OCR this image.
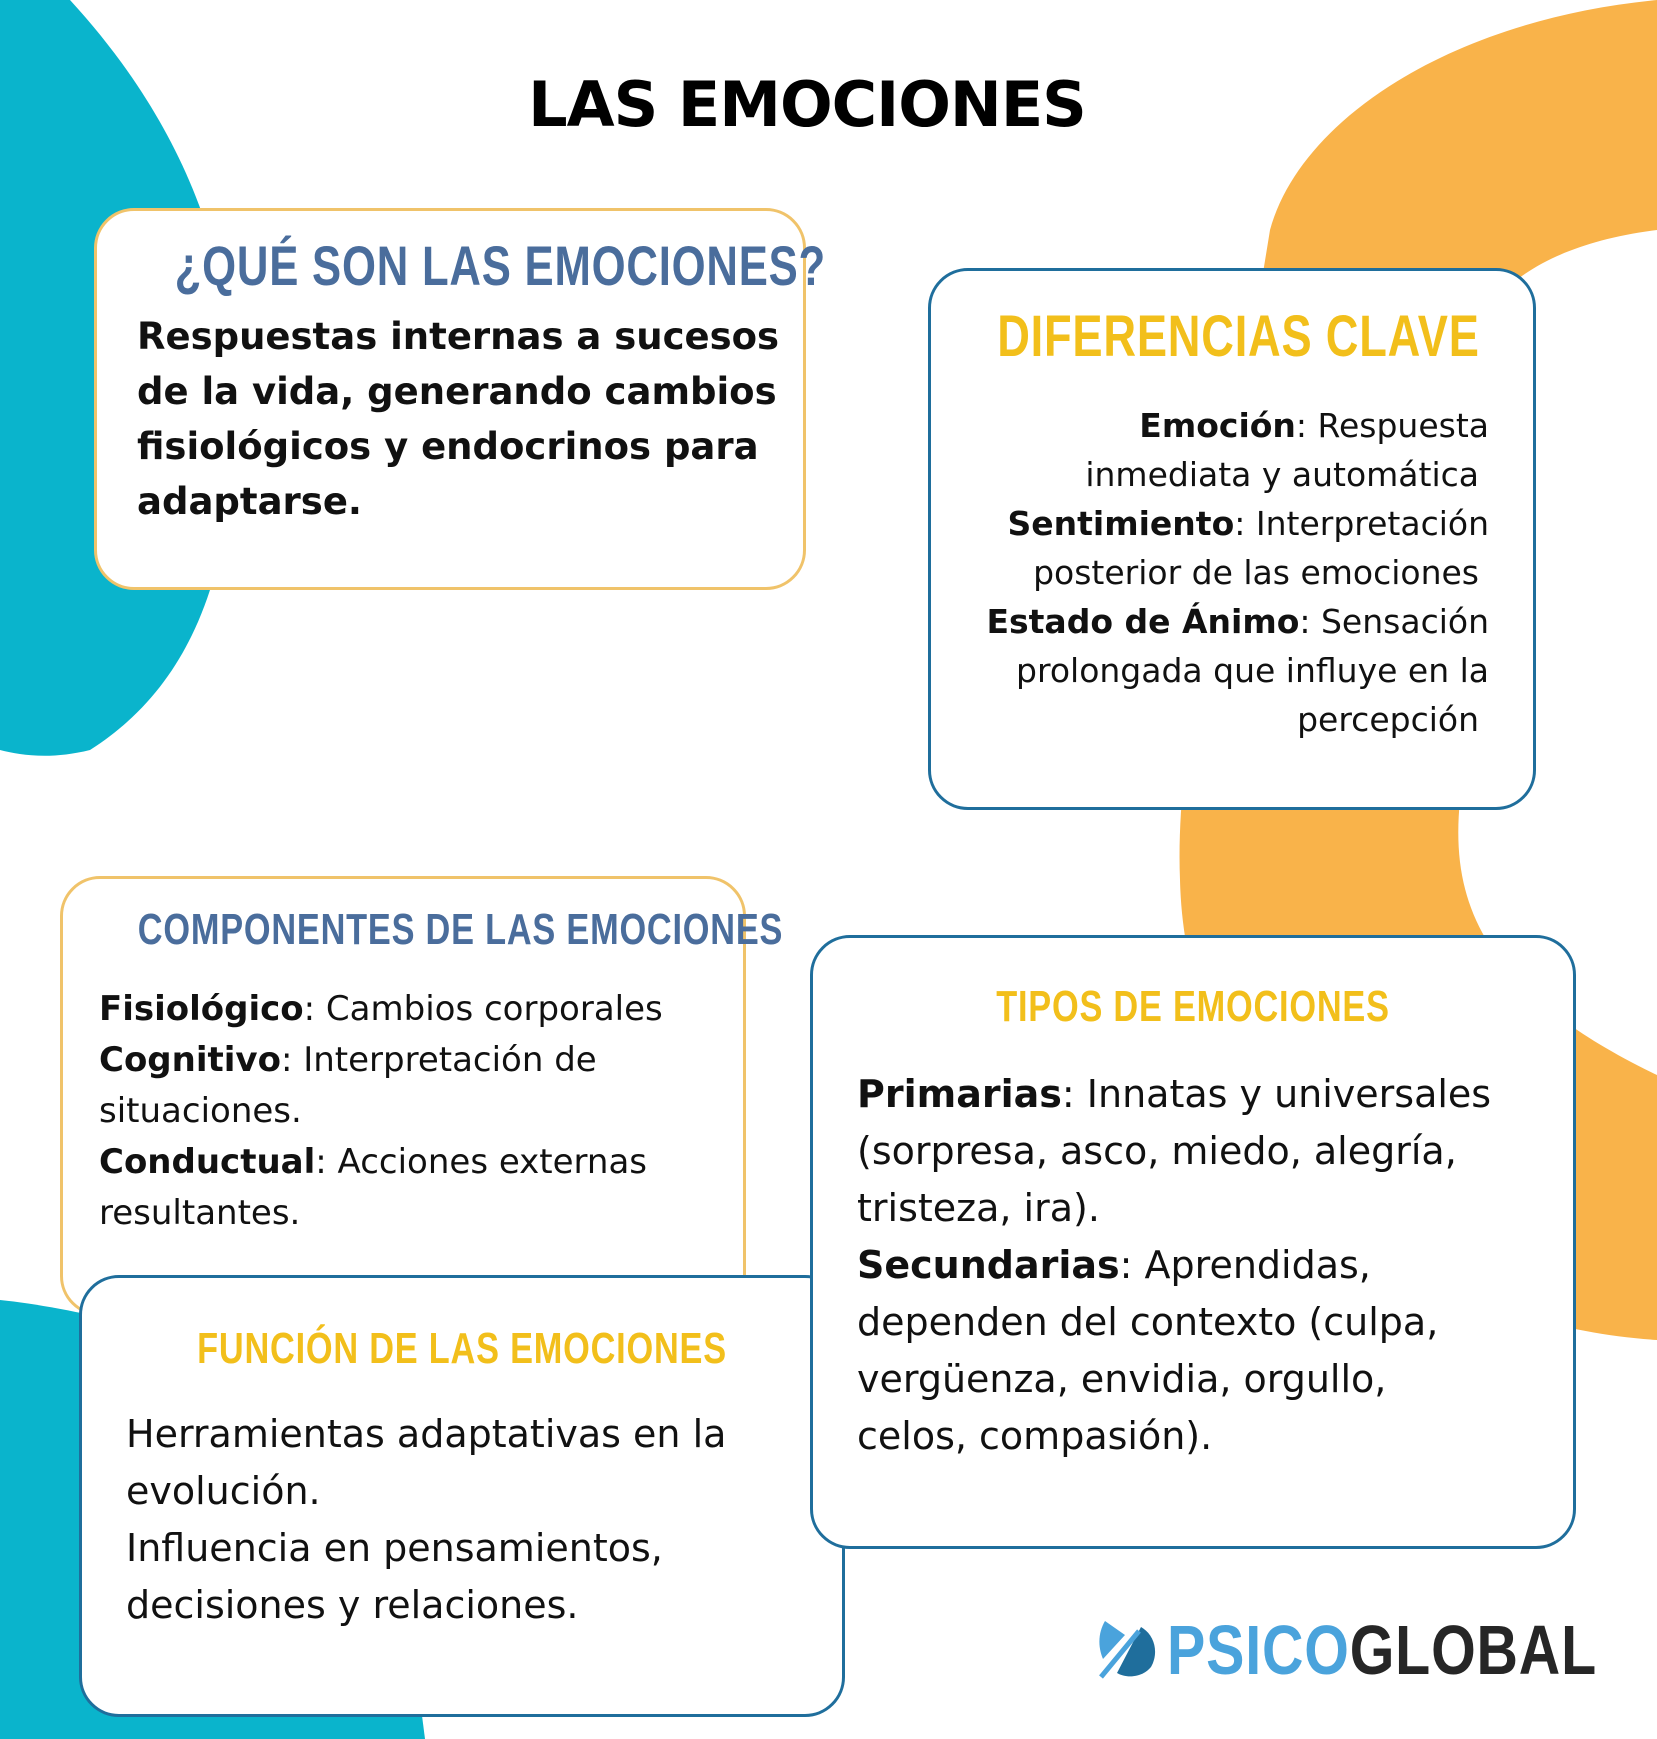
LAS EMOCIONES
¿QUÉ SON LAS EMOCIONES?
Respuestas internas a sucesos
de la vida, generando cambios
fisiológicos y endocrinos para
adaptarse.
DIFERENCIAS CLAVE
Emoción: Respuesta
inmediata y automática
Sentimiento: Interpretación
posterior de las emociones
Estado de Ánimo: Sensación
prolongada que influye en la
percepción
COMPONENTES DE LAS EMOCIONES
Fisiológico: Cambios corporales
Cognitivo: Interpretación de
situaciones.
Conductual: Acciones externas
resultantes.
FUNCIÓN DE LAS EMOCIONES
Herramientas adaptativas en la
evolución.
Influencia en pensamientos,
decisiones y relaciones.
TIPOS DE EMOCIONES
Primarias: Innatas y universales
(sorpresa, asco, miedo, alegría,
tristeza, ira).
Secundarias: Aprendidas,
dependen del contexto (culpa,
vergüenza, envidia, orgullo,
celos, compasión).
PSICOGLOBAL
